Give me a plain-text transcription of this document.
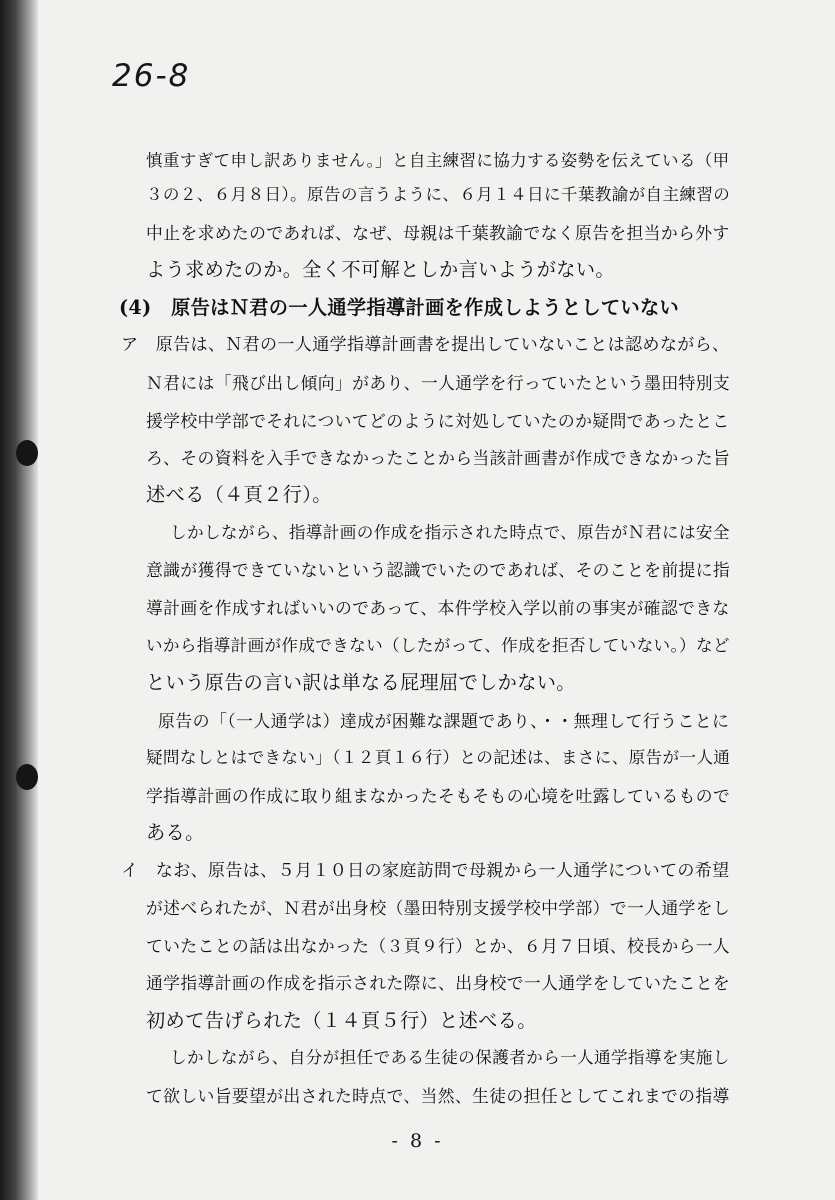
26-8
慎重すぎて申し訳ありません。」と自主練習に協力する姿勢を伝えている（甲
３の２、６月８日）。原告の言うように、６月１４日に千葉教諭が自主練習の
中止を求めたのであれば、なぜ、母親は千葉教諭でなく原告を担当から外す
よう求めたのか。全く不可解としか言いようがない。
(4)　原告はＮ君の一人通学指導計画を作成しようとしていない
ア　原告は、Ｎ君の一人通学指導計画書を提出していないことは認めながら、
Ｎ君には「飛び出し傾向」があり、一人通学を行っていたという墨田特別支
援学校中学部でそれについてどのように対処していたのか疑問であったとこ
ろ、その資料を入手できなかったことから当該計画書が作成できなかった旨
述べる（４頁２行）。
しかしながら、指導計画の作成を指示された時点で、原告がＮ君には安全
意識が獲得できていないという認識でいたのであれば、そのことを前提に指
導計画を作成すればいいのであって、本件学校入学以前の事実が確認できな
いから指導計画が作成できない（したがって、作成を拒否していない。）など
という原告の言い訳は単なる屁理屈でしかない。
原告の「（一人通学は）達成が困難な課題であり、・・無理して行うことに
疑問なしとはできない」（１２頁１６行）との記述は、まさに、原告が一人通
学指導計画の作成に取り組まなかったそもそもの心境を吐露しているもので
ある。
イ　なお、原告は、５月１０日の家庭訪問で母親から一人通学についての希望
が述べられたが、Ｎ君が出身校（墨田特別支援学校中学部）で一人通学をし
ていたことの話は出なかった（３頁９行）とか、６月７日頃、校長から一人
通学指導計画の作成を指示された際に、出身校で一人通学をしていたことを
初めて告げられた（１４頁５行）と述べる。
しかしながら、自分が担任である生徒の保護者から一人通学指導を実施し
て欲しい旨要望が出された時点で、当然、生徒の担任としてこれまでの指導
- 8 -
